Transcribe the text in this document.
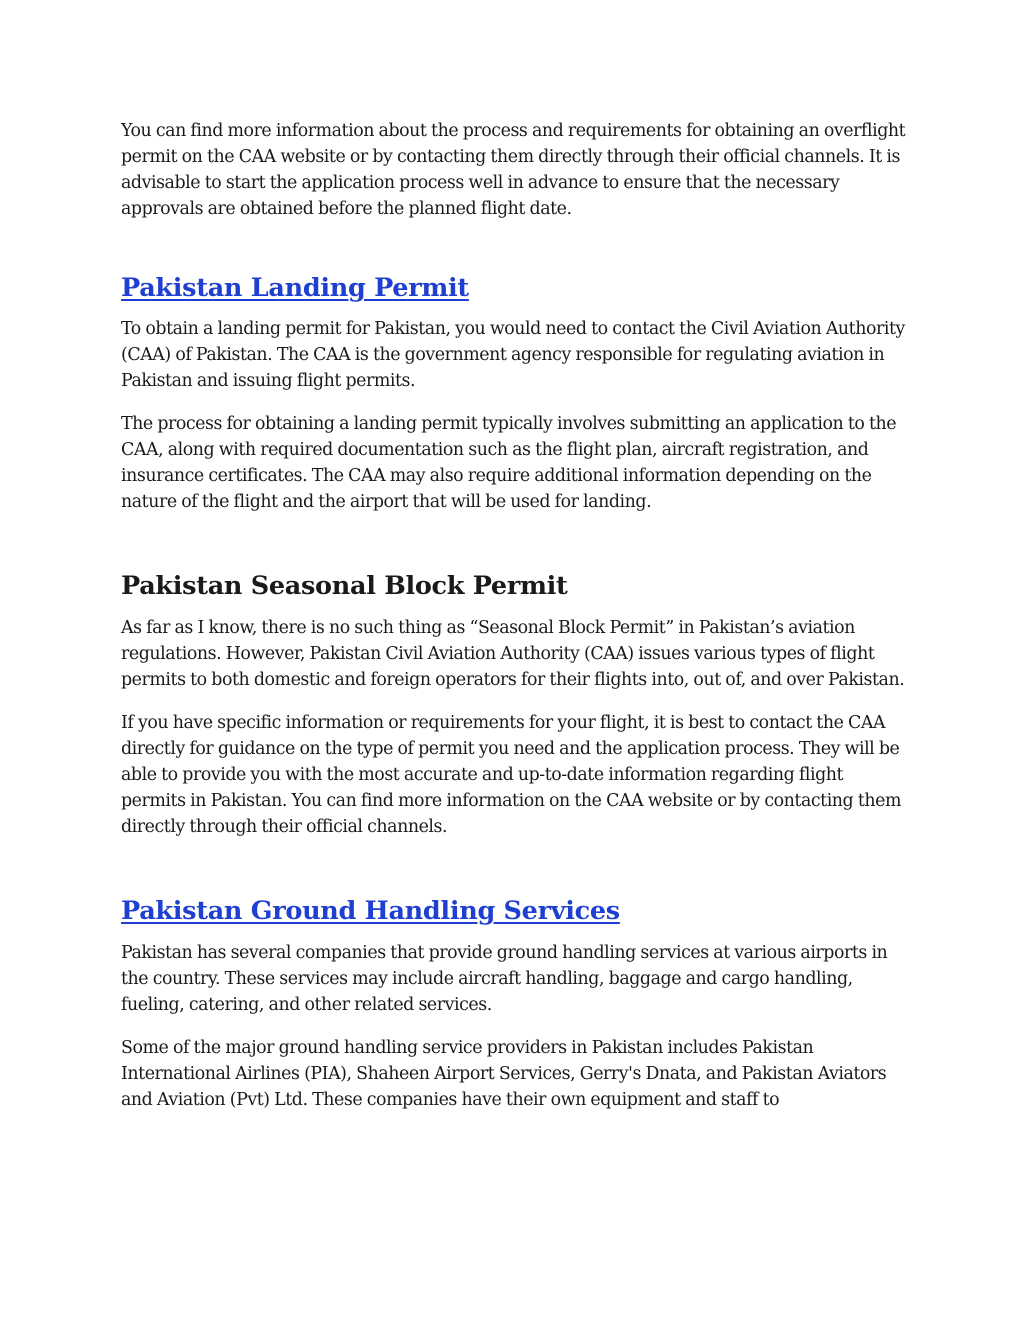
You can find more information about the process and requirements for obtaining an overflight permit on the CAA website or by contacting them directly through their official channels. It is advisable to start the application process well in advance to ensure that the necessary approvals are obtained before the planned flight date.

Pakistan Landing Permit

To obtain a landing permit for Pakistan, you would need to contact the Civil Aviation Authority (CAA) of Pakistan. The CAA is the government agency responsible for regulating aviation in Pakistan and issuing flight permits.

The process for obtaining a landing permit typically involves submitting an application to the CAA, along with required documentation such as the flight plan, aircraft registration, and insurance certificates. The CAA may also require additional information depending on the nature of the flight and the airport that will be used for landing.

Pakistan Seasonal Block Permit

As far as I know, there is no such thing as “Seasonal Block Permit” in Pakistan’s aviation regulations. However, Pakistan Civil Aviation Authority (CAA) issues various types of flight permits to both domestic and foreign operators for their flights into, out of, and over Pakistan.

If you have specific information or requirements for your flight, it is best to contact the CAA directly for guidance on the type of permit you need and the application process. They will be able to provide you with the most accurate and up-to-date information regarding flight permits in Pakistan. You can find more information on the CAA website or by contacting them directly through their official channels.

Pakistan Ground Handling Services

Pakistan has several companies that provide ground handling services at various airports in the country. These services may include aircraft handling, baggage and cargo handling, fueling, catering, and other related services.

Some of the major ground handling service providers in Pakistan includes Pakistan International Airlines (PIA), Shaheen Airport Services, Gerry's Dnata, and Pakistan Aviators and Aviation (Pvt) Ltd. These companies have their own equipment and staff to
